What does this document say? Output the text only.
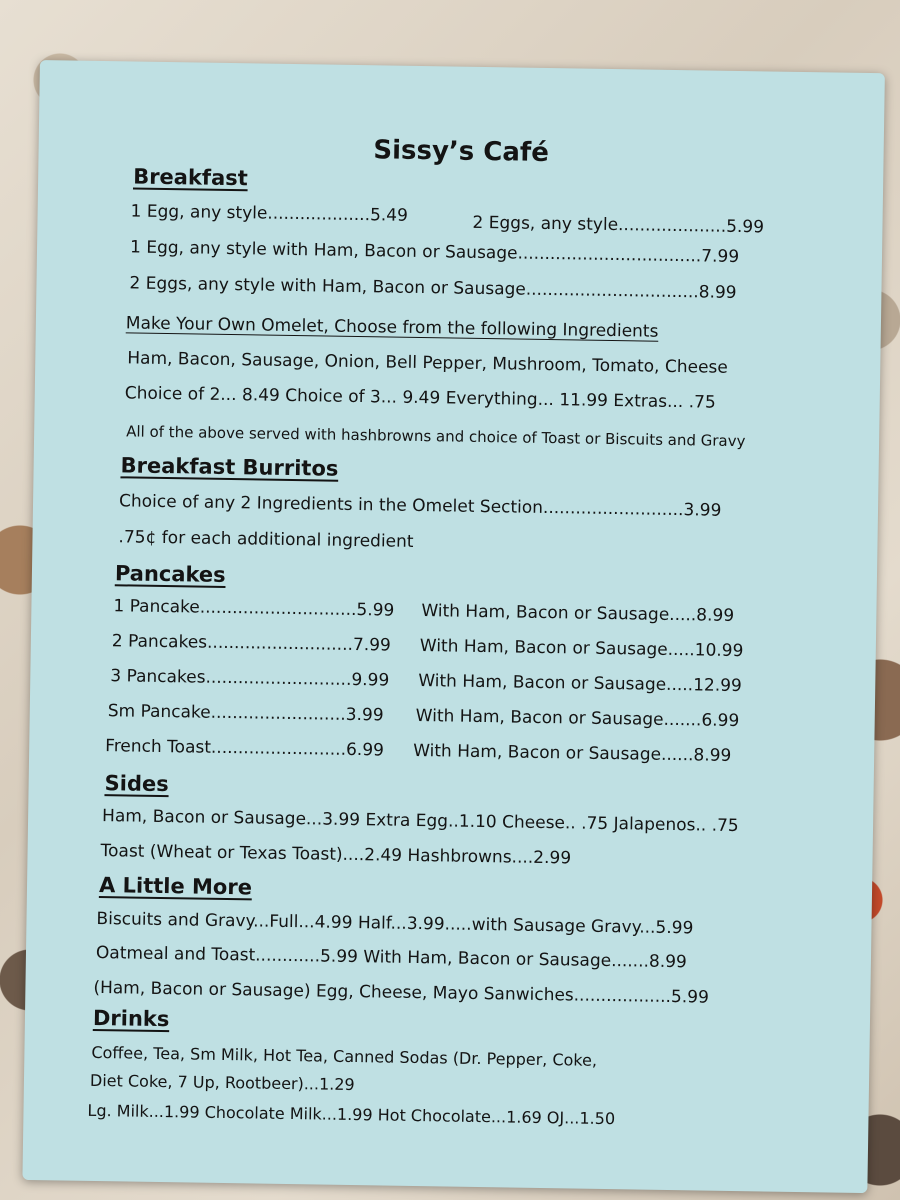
Sissy’s Café
Breakfast
1 Egg, any style...................5.49	2 Eggs, any style....................5.99
1 Egg, any style with Ham, Bacon or Sausage..................................7.99
2 Eggs, any style with Ham, Bacon or Sausage................................8.99
Make Your Own Omelet, Choose from the following Ingredients
Ham, Bacon, Sausage, Onion, Bell Pepper, Mushroom, Tomato, Cheese
Choice of 2... 8.49 Choice of 3... 9.49 Everything... 11.99 Extras... .75
All of the above served with hashbrowns and choice of Toast or Biscuits and Gravy
Breakfast Burritos
Choice of any 2 Ingredients in the Omelet Section..........................3.99
.75¢ for each additional ingredient
Pancakes
1 Pancake.............................5.99 With Ham, Bacon or Sausage.....8.99
2 Pancakes...........................7.99 With Ham, Bacon or Sausage.....10.99
3 Pancakes...........................9.99 With Ham, Bacon or Sausage.....12.99
Sm Pancake.........................3.99 With Ham, Bacon or Sausage.......6.99
French Toast.........................6.99 With Ham, Bacon or Sausage......8.99
Sides
Ham, Bacon or Sausage...3.99 Extra Egg..1.10 Cheese.. .75 Jalapenos.. .75
Toast (Wheat or Texas Toast)....2.49 Hashbrowns....2.99
A Little More
Biscuits and Gravy...Full...4.99 Half...3.99.....with Sausage Gravy...5.99
Oatmeal and Toast............5.99 With Ham, Bacon or Sausage.......8.99
(Ham, Bacon or Sausage) Egg, Cheese, Mayo Sanwiches..................5.99
Drinks
Coffee, Tea, Sm Milk, Hot Tea, Canned Sodas (Dr. Pepper, Coke,
Diet Coke, 7 Up, Rootbeer)...1.29
Lg. Milk...1.99 Chocolate Milk...1.99 Hot Chocolate...1.69 OJ...1.50
